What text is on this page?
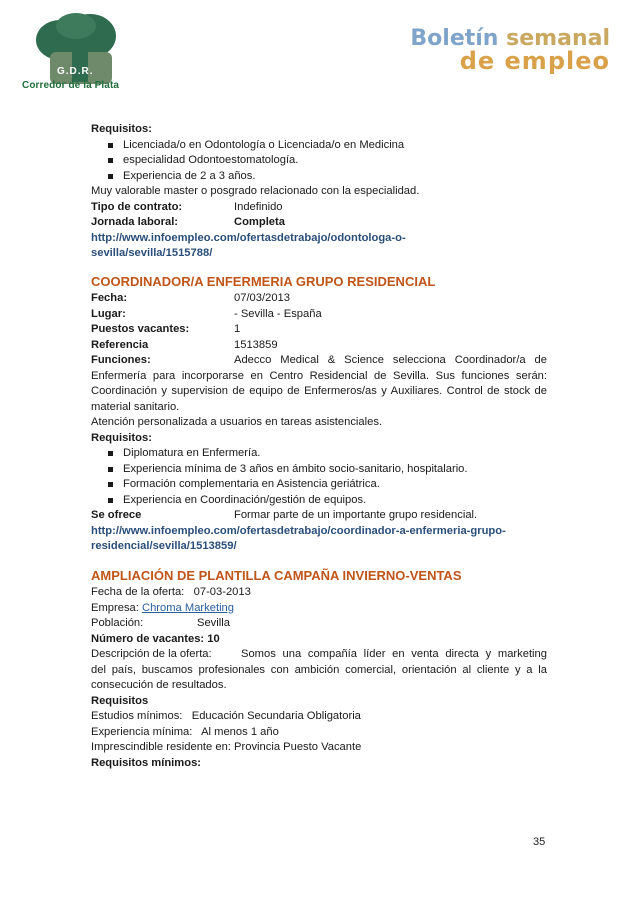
G.D.R.
Corredor de la Plata
Boletín semanal
de empleo
Requisitos:
Licenciada/o en Odontología o Licenciada/o en Medicina
especialidad Odontoestomatología.
Experiencia de 2 a 3 años.
Muy valorable master o posgrado relacionado con la especialidad.
Tipo de contrato:	Indefinido
Jornada laboral:	Completa
http://www.infoempleo.com/ofertasdetrabajo/odontologa-o-
sevilla/sevilla/1515788/
COORDINADOR/A ENFERMERIA GRUPO RESIDENCIAL
Fecha:	07/03/2013
Lugar:	- Sevilla - España
Puestos vacantes:	1
Referencia	1513859
Funciones:	Adecco Medical & Science selecciona Coordinador/a de
Enfermería para incorporarse en Centro Residencial de Sevilla. Sus funciones serán: Coordinación y supervision de equipo de Enfermeros/as y Auxiliares. Control de stock de material sanitario.
Atención personalizada a usuarios en tareas asistenciales.
Requisitos:
Diplomatura en Enfermería.
Experiencia mínima de 3 años en ámbito socio-sanitario, hospitalario.
Formación complementaria en Asistencia geriátrica.
Experiencia en Coordinación/gestión de equipos.
Se ofrece	Formar parte de un importante grupo residencial.
http://www.infoempleo.com/ofertasdetrabajo/coordinador-a-enfermeria-grupo-
residencial/sevilla/1513859/
AMPLIACIÓN DE PLANTILLA CAMPAÑA INVIERNO-VENTAS
Fecha de la oferta: 07-03-2013
Empresa: Chroma Marketing
Población:	Sevilla
Número de vacantes: 10
Descripción de la oferta:	Somos una compañía líder en venta directa y marketing
del país, buscamos profesionales con ambición comercial, orientación al cliente y a la consecución de resultados.
Requisitos
Estudios mínimos: Educación Secundaria Obligatoria
Experiencia mínima: Al menos 1 año
Imprescindible residente en: Provincia Puesto Vacante
Requisitos mínimos:
35
